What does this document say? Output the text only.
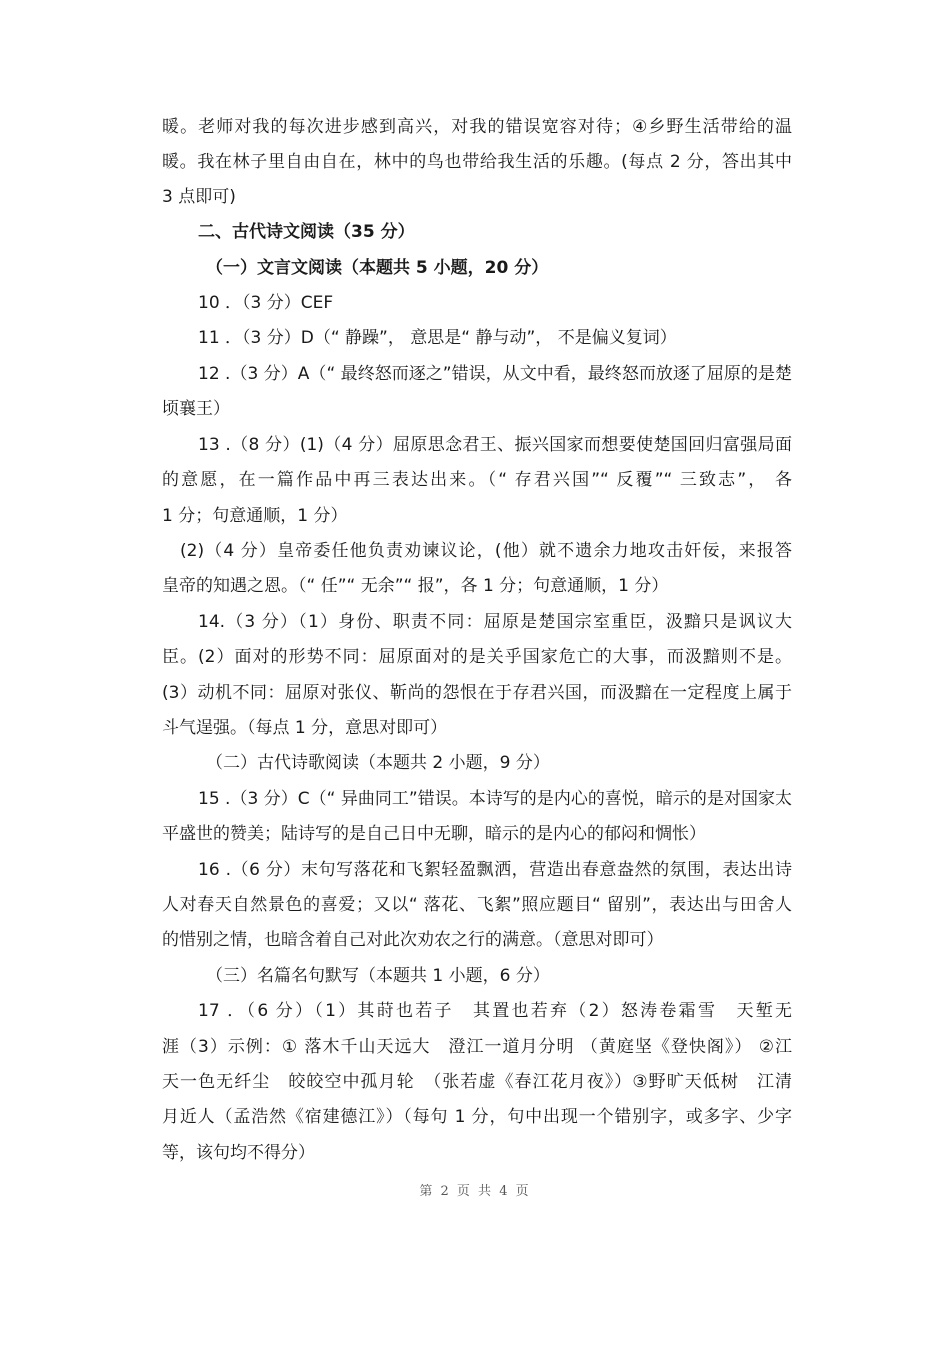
暖。老师对我的每次进步感到高兴，对我的错误宽容对待；④乡野生活带给的温
暖。我在林子里自由自在，林中的鸟也带给我生活的乐趣。(每点 2 分，答出其中
3 点即可)
二、古代诗文阅读（35 分）
（一）文言文阅读（本题共 5 小题，20 分）
10 ．（3 分）CEF
11 ．（3 分）D（“ 静躁”， 意思是“ 静与动”， 不是偏义复词）
12 .（3 分）A（“ 最终怒而逐之”错误，从文中看，最终怒而放逐了屈原的是楚
顷襄王）
13 .（8 分）(1)（4 分）屈原思念君王、振兴国家而想要使楚国回归富强局面
的意愿，在一篇作品中再三表达出来。（“ 存君兴国”“ 反覆”“ 三致志”， 各
1 分；句意通顺，1 分）
(2)（4 分）皇帝委任他负责劝谏议论，(他）就不遗余力地攻击奸佞，来报答
皇帝的知遇之恩。（“ 任”“ 无余”“ 报”，各 1 分；句意通顺，1 分）
14.（3 分）（1）身份、职责不同：屈原是楚国宗室重臣，汲黯只是讽议大
臣。(2）面对的形势不同：屈原面对的是关乎国家危亡的大事，而汲黯则不是。
(3）动机不同：屈原对张仪、靳尚的怨恨在于存君兴国，而汲黯在一定程度上属于
斗气逞强。（每点 1 分，意思对即可）
（二）古代诗歌阅读（本题共 2 小题，9 分）
15 .（3 分）C（“ 异曲同工”错误。本诗写的是内心的喜悦，暗示的是对国家太
平盛世的赞美；陆诗写的是自己日中无聊，暗示的是内心的郁闷和惆怅）
16 .（6 分）末句写落花和飞絮轻盈飘洒，营造出春意盎然的氛围，表达出诗
人对春天自然景色的喜爱；又以“ 落花、飞絮”照应题目“ 留别”，表达出与田舍人
的惜别之情，也暗含着自己对此次劝农之行的满意。（意思对即可）
（三）名篇名句默写（本题共 1 小题，6 分）
17 ．（6 分）（1）其莳也若子　其置也若弃（2）怒涛卷霜雪　天堑无
涯（3）示例：① 落木千山天远大　澄江一道月分明 （黄庭坚《登快阁》） ②江
天一色无纤尘　皎皎空中孤月轮　（张若虚《春江花月夜》）③野旷天低树　江清
月近人（孟浩然《宿建德江》）（每句 1 分，句中出现一个错别字，或多字、少字
等，该句均不得分）
第 2 页 共 4 页
